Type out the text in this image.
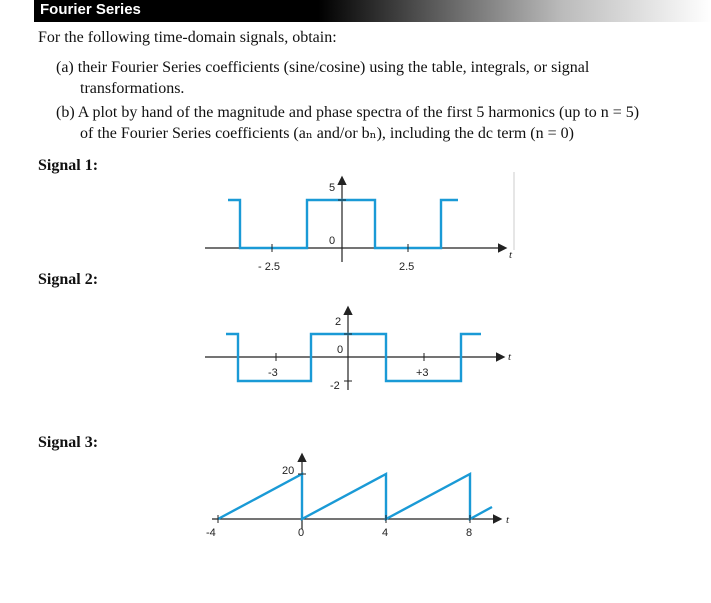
Fourier Series
For the following time-domain signals, obtain:
(a) their Fourier Series coefficients (sine/cosine) using the table, integrals, or signal
transformations.
(b) A plot by hand of the magnitude and phase spectra of the first 5 harmonics (up to n = 5)
of the Fourier Series coefficients (aₙ and/or bₙ), including the dc term (n = 0)
Signal 1:
Signal 2:
Signal 3:
- 2.5	2.5
5
0
t
-3	+3
2
0
-2
t
-4	0	4	8
20
t
